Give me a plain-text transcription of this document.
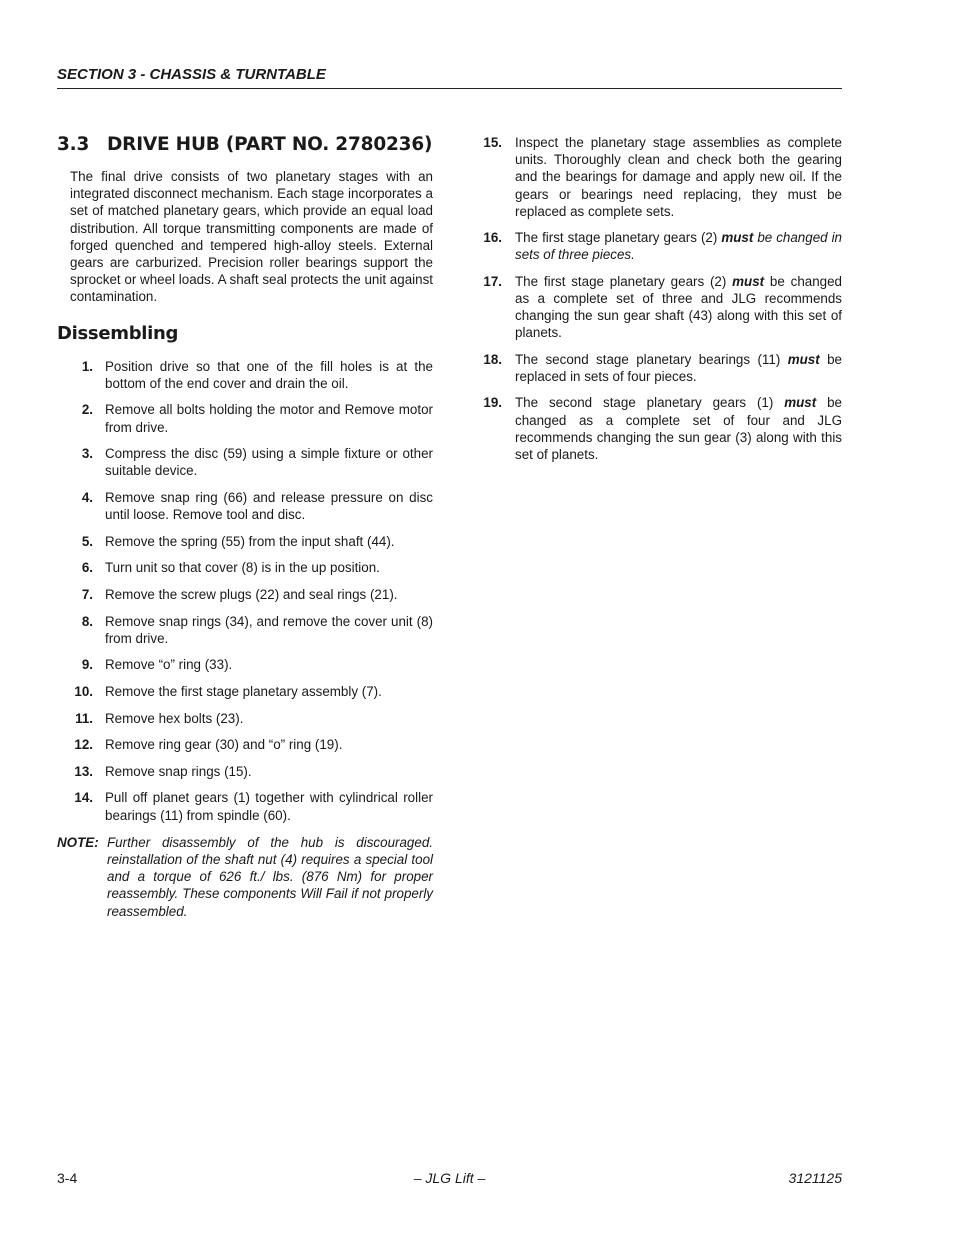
SECTION 3 - CHASSIS & TURNTABLE
3.3 DRIVE HUB (PART NO. 2780236)

The final drive consists of two planetary stages with an integrated disconnect mechanism. Each stage incorporates a set of matched planetary gears, which provide an equal load distribution. All torque transmitting components are made of forged quenched and tempered high-alloy steels. External gears are carburized. Precision roller bearings support the sprocket or wheel loads. A shaft seal protects the unit against contamination.

Dissembling
1. Position drive so that one of the fill holes is at the bottom of the end cover and drain the oil.
2. Remove all bolts holding the motor and Remove motor from drive.
3. Compress the disc (59) using a simple fixture or other suitable device.
4. Remove snap ring (66) and release pressure on disc until loose. Remove tool and disc.
5. Remove the spring (55) from the input shaft (44).
6. Turn unit so that cover (8) is in the up position.
7. Remove the screw plugs (22) and seal rings (21).
8. Remove snap rings (34), and remove the cover unit (8) from drive.
9. Remove “o” ring (33).
10. Remove the first stage planetary assembly (7).
11. Remove hex bolts (23).
12. Remove ring gear (30) and “o” ring (19).
13. Remove snap rings (15).
14. Pull off planet gears (1) together with cylindrical roller bearings (11) from spindle (60).
NOTE: Further disassembly of the hub is discouraged. reinstallation of the shaft nut (4) requires a special tool and a torque of 626 ft./ lbs. (876 Nm) for proper reassembly. These components Will Fail if not properly reassembled.
15. Inspect the planetary stage assemblies as complete units. Thoroughly clean and check both the gearing and the bearings for damage and apply new oil. If the gears or bearings need replacing, they must be replaced as complete sets.
16. The first stage planetary gears (2) must be changed in sets of three pieces.
17. The first stage planetary gears (2) must be changed as a complete set of three and JLG recommends changing the sun gear shaft (43) along with this set of planets.
18. The second stage planetary bearings (11) must be replaced in sets of four pieces.
19. The second stage planetary gears (1) must be changed as a complete set of four and JLG recommends changing the sun gear (3) along with this set of planets.
3-4	– JLG Lift –	3121125
